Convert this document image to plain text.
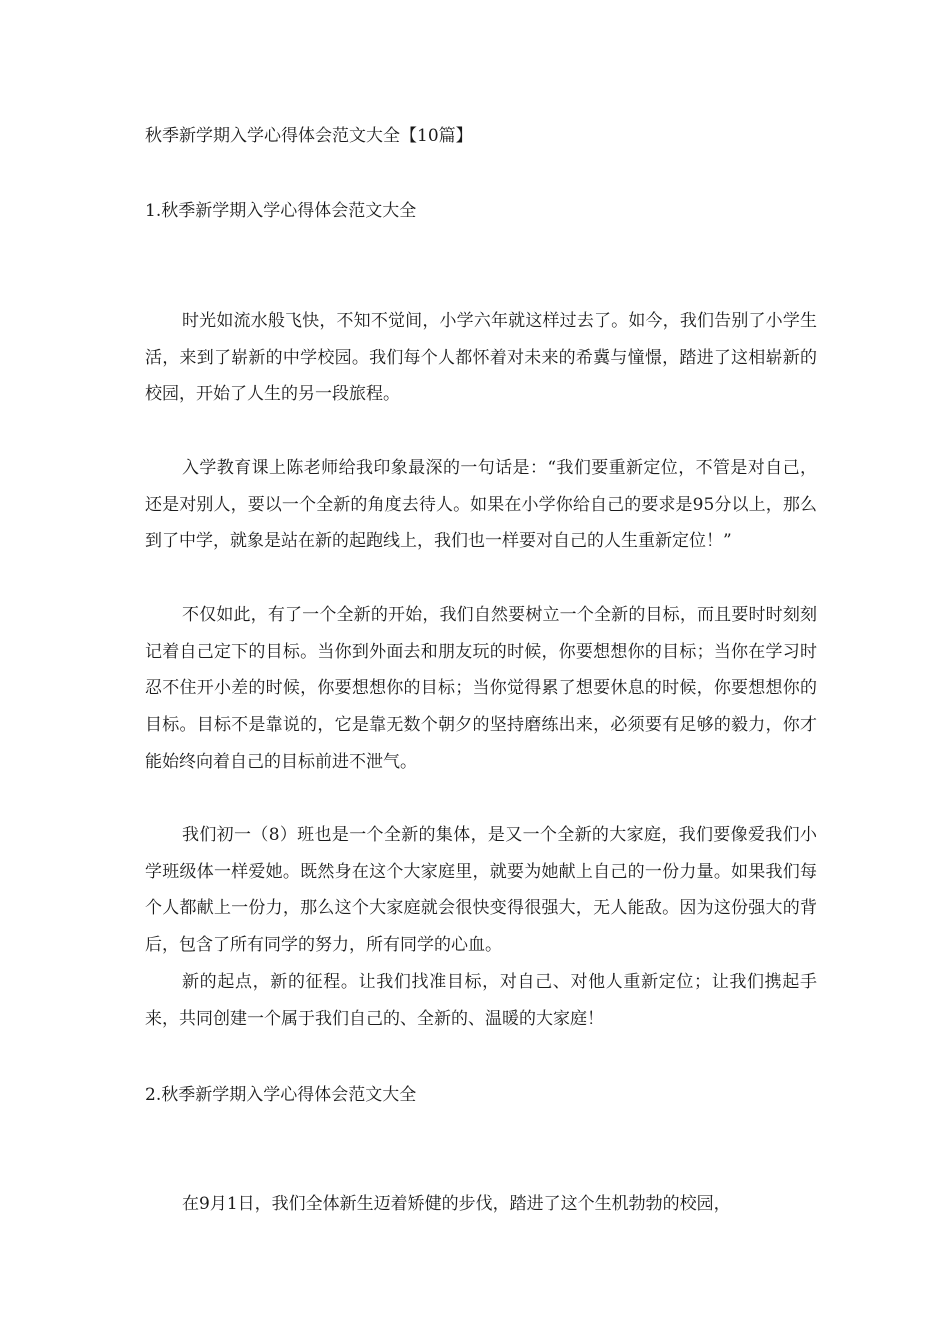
秋季新学期入学心得体会范文大全【10篇】
1.秋季新学期入学心得体会范文大全

时光如流水般飞快，不知不觉间，小学六年就这样过去了。如今，我们告别了小学生活，来到了崭新的中学校园。我们每个人都怀着对未来的希冀与憧憬，踏进了这相崭新的校园，开始了人生的另一段旅程。

入学教育课上陈老师给我印象最深的一句话是：“我们要重新定位，不管是对自己，还是对别人，要以一个全新的角度去待人。如果在小学你给自己的要求是95分以上，那么到了中学，就象是站在新的起跑线上，我们也一样要对自己的人生重新定位！”

不仅如此，有了一个全新的开始，我们自然要树立一个全新的目标，而且要时时刻刻记着自己定下的目标。当你到外面去和朋友玩的时候，你要想想你的目标；当你在学习时忍不住开小差的时候，你要想想你的目标；当你觉得累了想要休息的时候，你要想想你的目标。目标不是靠说的，它是靠无数个朝夕的坚持磨练出来，必须要有足够的毅力，你才能始终向着自己的目标前进不泄气。

我们初一（8）班也是一个全新的集体，是又一个全新的大家庭，我们要像爱我们小学班级体一样爱她。既然身在这个大家庭里，就要为她献上自己的一份力量。如果我们每个人都献上一份力，那么这个大家庭就会很快变得很强大，无人能敌。因为这份强大的背后，包含了所有同学的努力，所有同学的心血。

新的起点，新的征程。让我们找准目标，对自己、对他人重新定位；让我们携起手来，共同创建一个属于我们自己的、全新的、温暖的大家庭！

2.秋季新学期入学心得体会范文大全

在9月1日，我们全体新生迈着矫健的步伐，踏进了这个生机勃勃的校园，
